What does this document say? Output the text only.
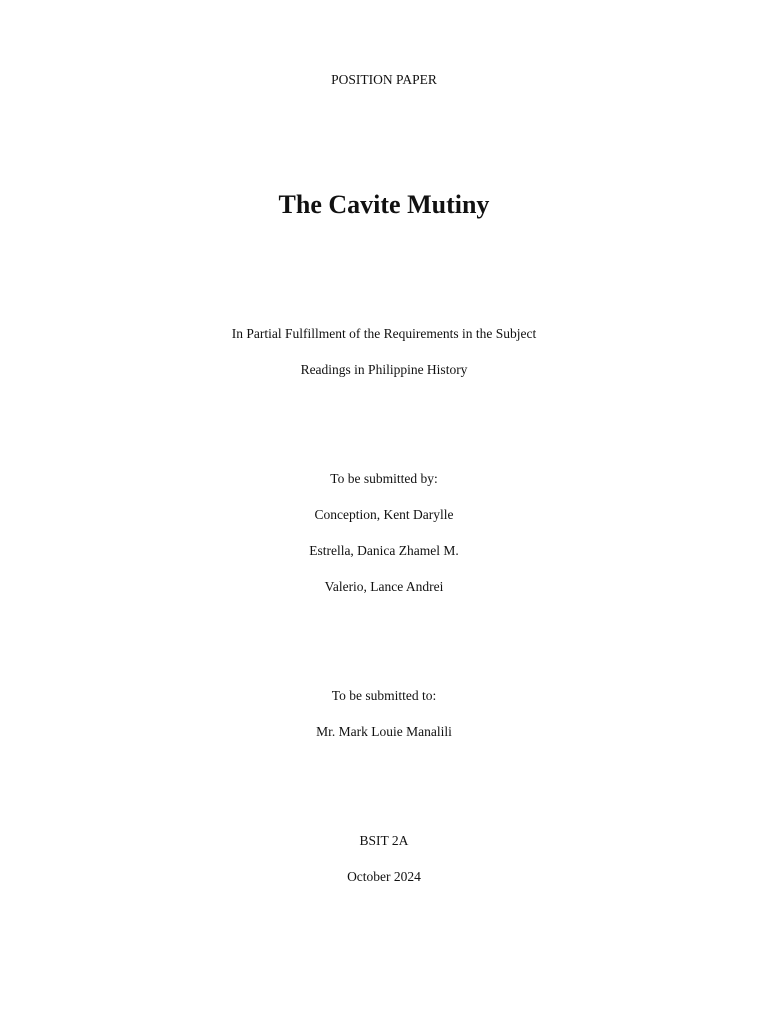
POSITION PAPER
The Cavite Mutiny
In Partial Fulfillment of the Requirements in the Subject
Readings in Philippine History
To be submitted by:
Conception, Kent Darylle
Estrella, Danica Zhamel M.
Valerio, Lance Andrei
To be submitted to:
Mr. Mark Louie Manalili
BSIT 2A
October 2024
